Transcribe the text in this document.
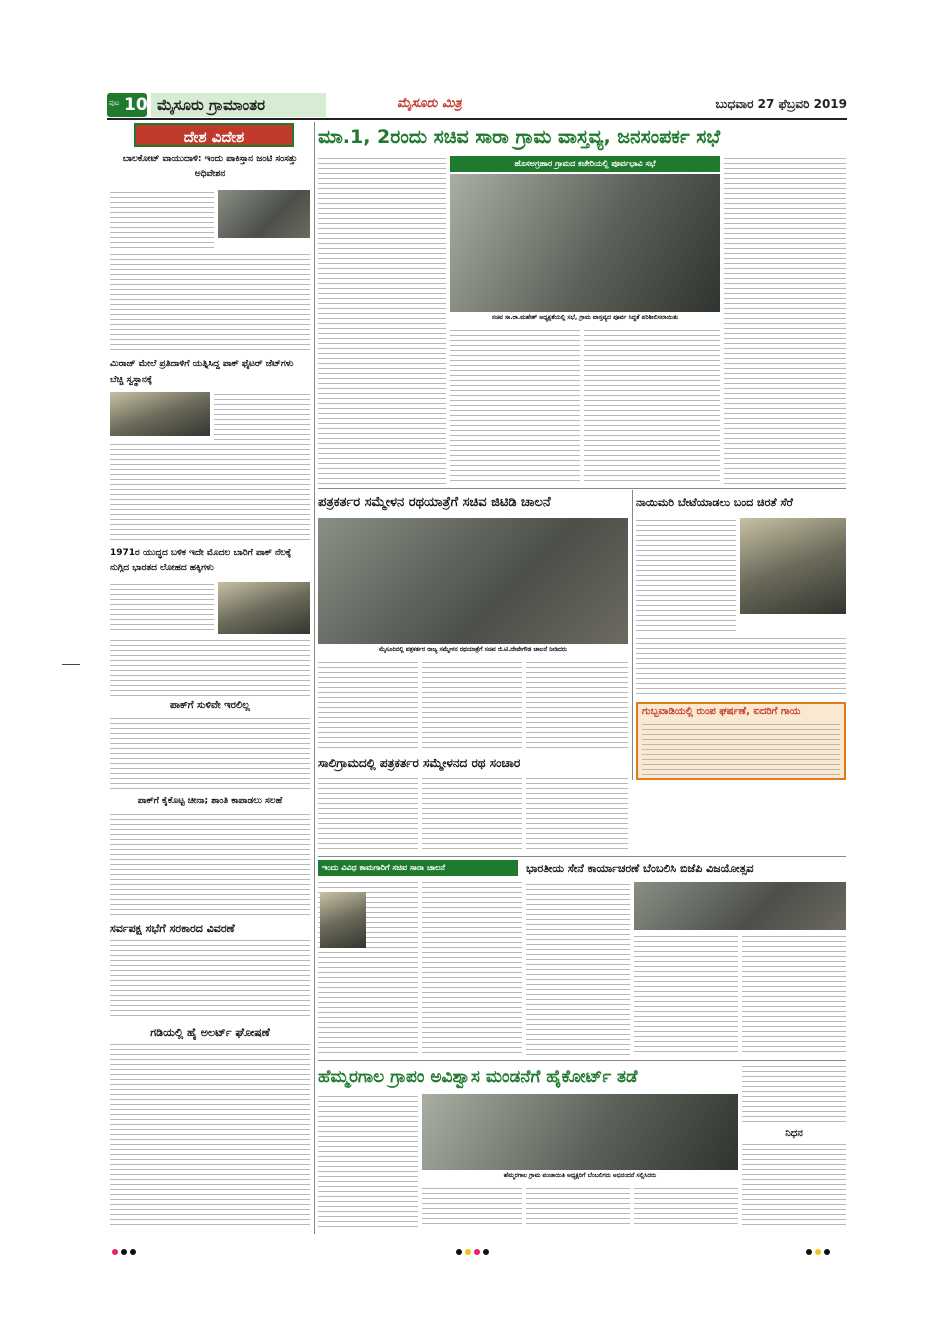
ಪುಟ 10 ಮೈಸೂರು ಗ್ರಾಮಾಂತರ	ಮೈಸೂರು ಮಿತ್ರ	ಬುಧವಾರ 27 ಫೆಬ್ರವರಿ 2019
ದೇಶ ವಿದೇಶ
ಬಾಲಕೋಟ್ ವಾಯುದಾಳಿ: ಇಂದು ಪಾಕಿಸ್ತಾನ ಜಂಟಿ ಸಂಸತ್ತು ಅಧಿವೇಶನ
ಮಿರಾಜ್ ಮೇಲೆ ಪ್ರತಿದಾಳಿಗೆ ಯತ್ನಿಸಿದ್ದ ಪಾಕ್ ಫೈಟರ್ ಜೆಟ್‌ಗಳು ಬೆಚ್ಚಿ ಸ್ವಸ್ಥಾನಕ್ಕೆ
1971ರ ಯುದ್ಧದ ಬಳಿಕ ಇದೇ ಮೊದಲ ಬಾರಿಗೆ ಪಾಕ್ ನೆಲಕ್ಕೆ ನುಗ್ಗಿದ ಭಾರತದ ಲೋಹದ ಹಕ್ಕಿಗಳು
ಪಾಕ್‌ಗೆ ಸುಳಿವೇ ಇರಲಿಲ್ಲ
ಪಾಕ್‌ಗೆ ಕೈಕೊಟ್ಟ ಚೀನಾ; ಶಾಂತಿ ಕಾಪಾಡಲು ಸಲಹೆ
ಸರ್ವಪಕ್ಷ ಸಭೆಗೆ ಸರಕಾರದ ವಿವರಣೆ
ಗಡಿಯಲ್ಲಿ ಹೈ ಅಲರ್ಟ್ ಘೋಷಣೆ
ಮಾ.1, 2ರಂದು ಸಚಿವ ಸಾರಾ ಗ್ರಾಮ ವಾಸ್ತವ್ಯ, ಜನಸಂಪರ್ಕ ಸಭೆ
ಹೊಸಅಗ್ರಹಾರ ಗ್ರಾಮದ ಕಚೇರಿಯಲ್ಲಿ ಪೂರ್ವಭಾವಿ ಸಭೆ
ಸಚಿವ ಸಾ.ರಾ.ಮಹೇಶ್ ಅಧ್ಯಕ್ಷತೆಯಲ್ಲಿ ಸಭೆ, ಗ್ರಾಮ ವಾಸ್ತವ್ಯದ ಪೂರ್ವ ಸಿದ್ಧತೆ ಪರಿಶೀಲಿಸಲಾಯಿತು
ಪತ್ರಕರ್ತರ ಸಮ್ಮೇಳನ ರಥಯಾತ್ರೆಗೆ ಸಚಿವ ಜಿಟಿಡಿ ಚಾಲನೆ
ಮೈಸೂರಿನಲ್ಲಿ ಪತ್ರಕರ್ತರ ರಾಜ್ಯ ಸಮ್ಮೇಳನ ರಥಯಾತ್ರೆಗೆ ಸಚಿವ ಜಿ.ಟಿ.ದೇವೇಗೌಡ ಚಾಲನೆ ನೀಡಿದರು
ನಾಯಿಮರಿ ಬೇಟೆಯಾಡಲು ಬಂದ ಚಿರತೆ ಸೆರೆ
ಗುಬ್ಬವಾಡಿಯಲ್ಲಿ ರುಂಪ ಘರ್ಷಣೆ, ಐದರಿಗೆ ಗಾಯ
ಸಾಲಿಗ್ರಾಮದಲ್ಲಿ ಪತ್ರಕರ್ತರ ಸಮ್ಮೇಳನದ ರಥ ಸಂಚಾರ
ಇಂದು ವಿವಿಧ ಕಾಮಗಾರಿಗೆ ಸಚಿವ ಸಾರಾ ಚಾಲನೆ	ಭಾರತೀಯ ಸೇನೆ ಕಾರ್ಯಾಚರಣೆ ಬೆಂಬಲಿಸಿ ಬಿಜೆಪಿ ವಿಜಯೋತ್ಸವ
ಹೆಮ್ಮರಗಾಲ ಗ್ರಾಪಂ ಅವಿಶ್ವಾಸ ಮಂಡನೆಗೆ ಹೈಕೋರ್ಟ್ ತಡೆ
ಹೆಮ್ಮರಗಾಲ ಗ್ರಾಮ ಪಂಚಾಯಿತಿ ಅಧ್ಯಕ್ಷರಿಗೆ ಬೆಂಬಲಿಗರು ಅಭಿನಂದನೆ ಸಲ್ಲಿಸಿದರು
ನಿಧನ
